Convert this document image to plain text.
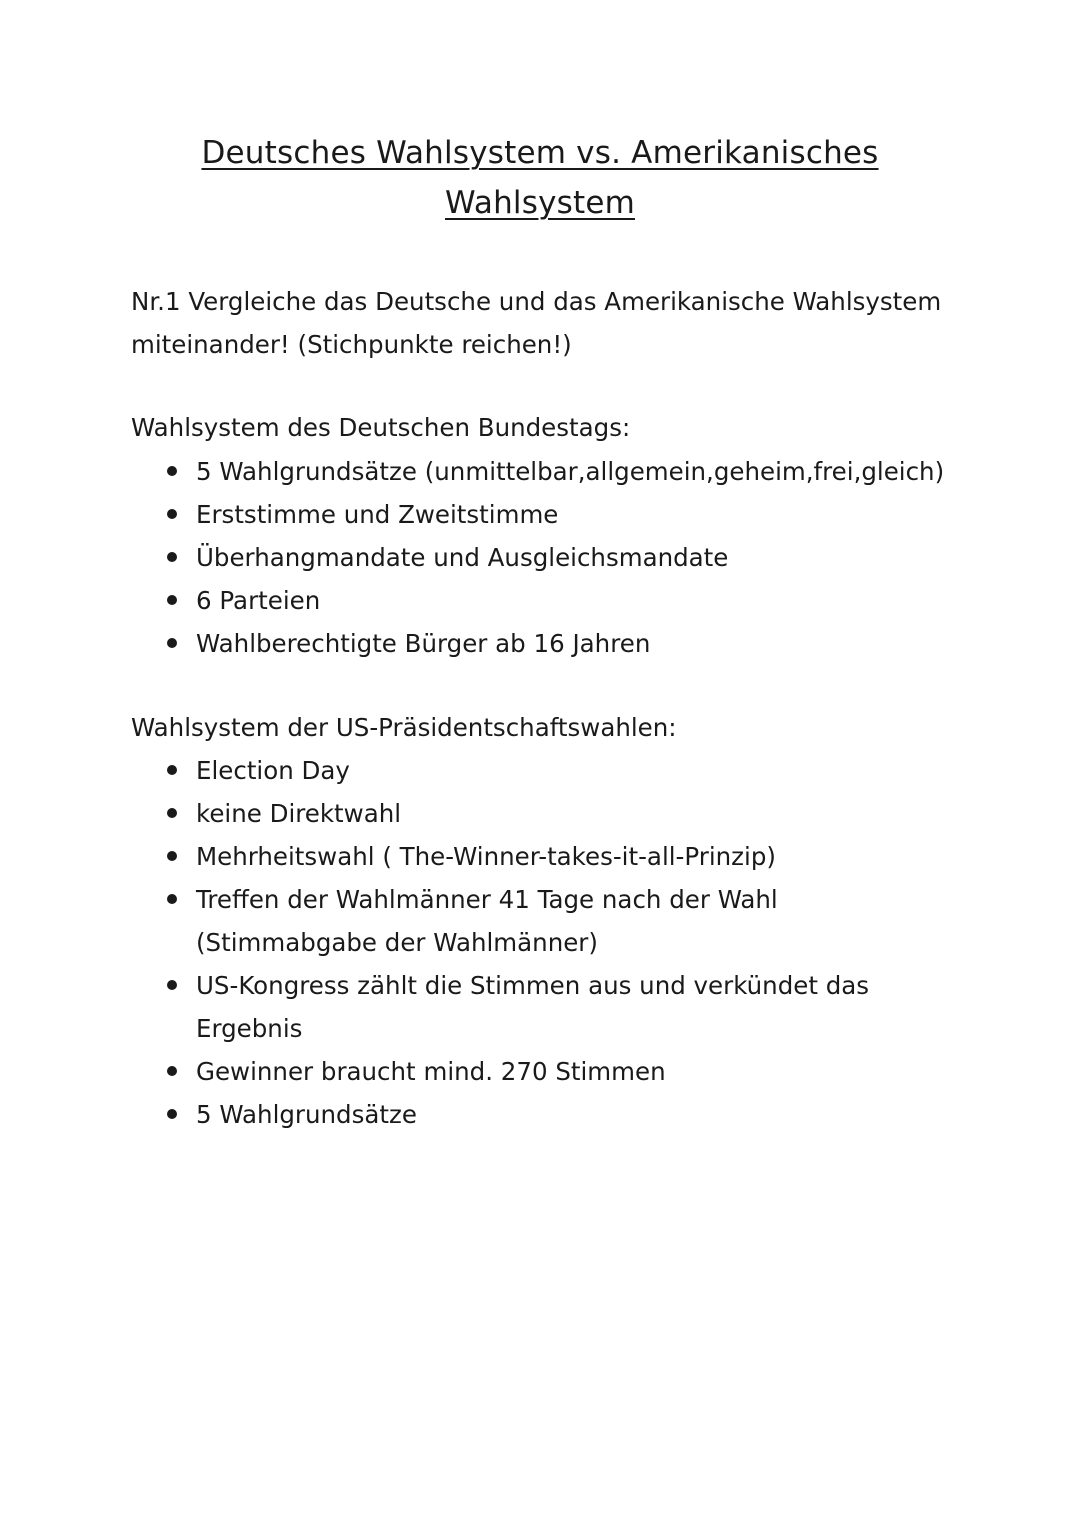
Deutsches Wahlsystem vs. Amerikanisches
Wahlsystem

Nr.1 Vergleiche das Deutsche und das Amerikanische Wahlsystem
miteinander! (Stichpunkte reichen!)

Wahlsystem des Deutschen Bundestags:

5 Wahlgrundsätze (unmittelbar,allgemein,geheim,frei,gleich)
Erststimme und Zweitstimme
Überhangmandate und Ausgleichsmandate
6 Parteien
Wahlberechtigte Bürger ab 16 Jahren

Wahlsystem der US-Präsidentschaftswahlen:

Election Day
keine Direktwahl
Mehrheitswahl ( The-Winner-takes-it-all-Prinzip)
Treffen der Wahlmänner 41 Tage nach der Wahl (Stimmabgabe der Wahlmänner)
US-Kongress zählt die Stimmen aus und verkündet das Ergebnis
Gewinner braucht mind. 270 Stimmen
5 Wahlgrundsätze
